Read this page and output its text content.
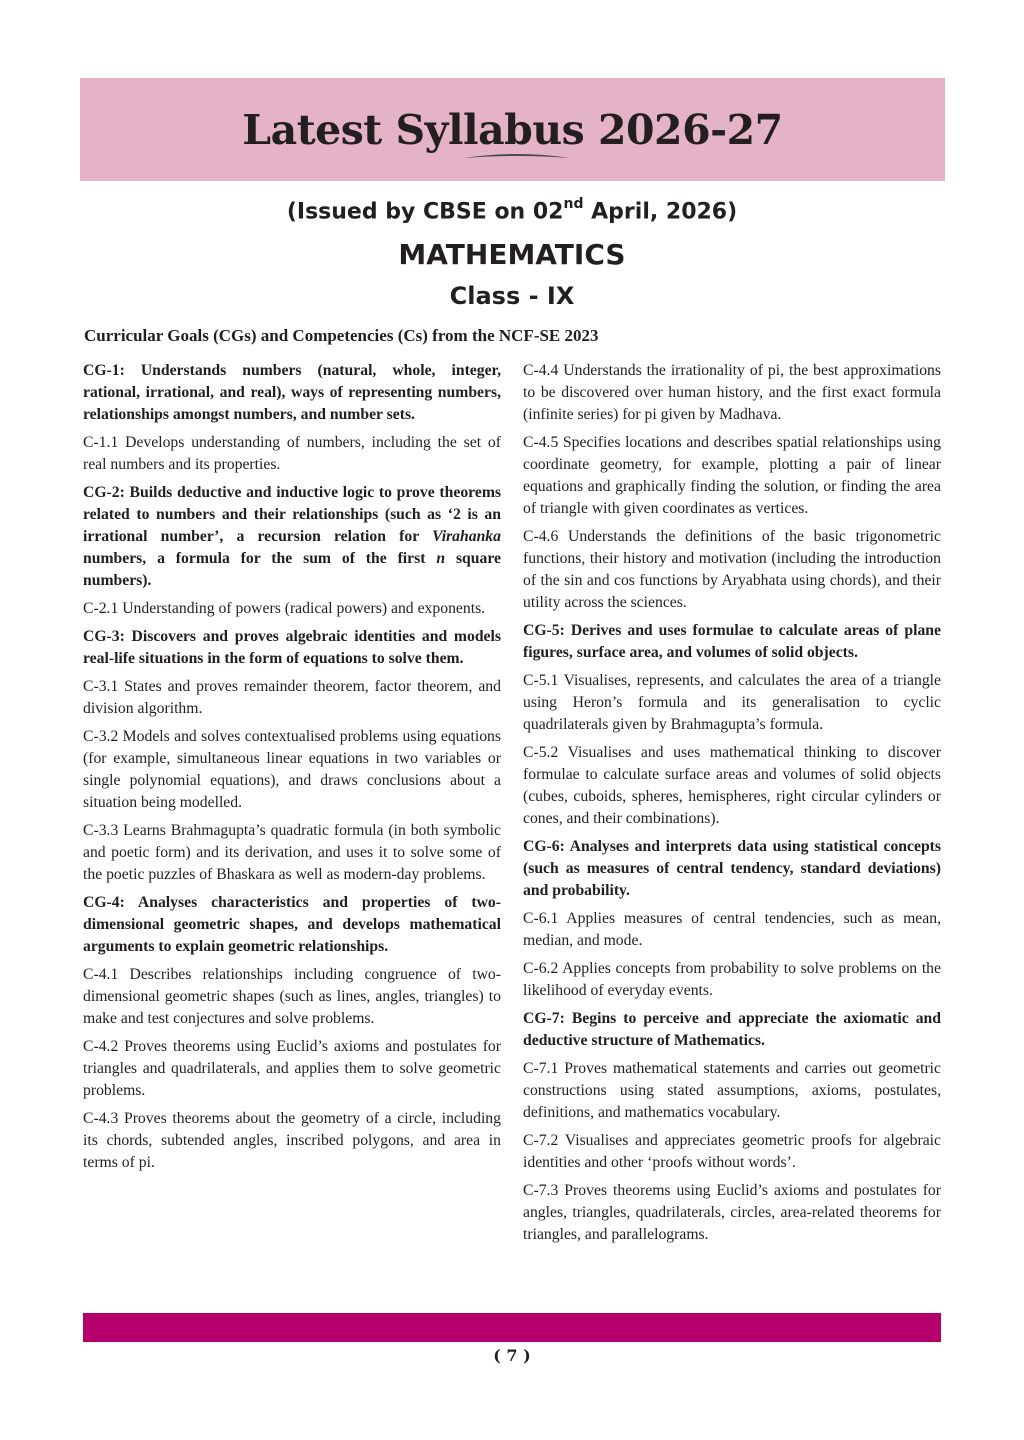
Latest Syllabus 2026-27
(Issued by CBSE on 02nd April, 2026)
MATHEMATICS
Class - IX
Curricular Goals (CGs) and Competencies (Cs) from the NCF-SE 2023

CG-1: Understands numbers (natural, whole, integer, rational, irrational, and real), ways of representing numbers, relationships amongst numbers, and number sets.

C-1.1 Develops understanding of numbers, including the set of real numbers and its properties.

CG-2: Builds deductive and inductive logic to prove theorems related to numbers and their relationships (such as ‘2 is an irrational number’, a recursion relation for Virahanka numbers, a formula for the sum of the first n square numbers).

C-2.1 Understanding of powers (radical powers) and exponents.

CG-3: Discovers and proves algebraic identities and models real-life situations in the form of equations to solve them.

C-3.1 States and proves remainder theorem, factor theorem, and division algorithm.

C-3.2 Models and solves contextualised problems using equations (for example, simultaneous linear equations in two variables or single polynomial equations), and draws conclusions about a situation being modelled.

C-3.3 Learns Brahmagupta’s quadratic formula (in both symbolic and poetic form) and its derivation, and uses it to solve some of the poetic puzzles of Bhaskara as well as modern-day problems.

CG-4: Analyses characteristics and properties of two-dimensional geometric shapes, and develops mathematical arguments to explain geometric relationships.

C-4.1 Describes relationships including congruence of two-dimensional geometric shapes (such as lines, angles, triangles) to make and test conjectures and solve problems.

C-4.2 Proves theorems using Euclid’s axioms and postulates for triangles and quadrilaterals, and applies them to solve geometric problems.

C-4.3 Proves theorems about the geometry of a circle, including its chords, subtended angles, inscribed polygons, and area in terms of pi.

C-4.4 Understands the irrationality of pi, the best approximations to be discovered over human history, and the first exact formula (infinite series) for pi given by Madhava.

C-4.5 Specifies locations and describes spatial relationships using coordinate geometry, for example, plotting a pair of linear equations and graphically finding the solution, or finding the area of triangle with given coordinates as vertices.

C-4.6 Understands the definitions of the basic trigonometric functions, their history and motivation (including the introduction of the sin and cos functions by Aryabhata using chords), and their utility across the sciences.

CG-5: Derives and uses formulae to calculate areas of plane figures, surface area, and volumes of solid objects.

C-5.1 Visualises, represents, and calculates the area of a triangle using Heron’s formula and its generalisation to cyclic quadrilaterals given by Brahmagupta’s formula.

C-5.2 Visualises and uses mathematical thinking to discover formulae to calculate surface areas and volumes of solid objects (cubes, cuboids, spheres, hemispheres, right circular cylinders or cones, and their combinations).

CG-6: Analyses and interprets data using statistical concepts (such as measures of central tendency, standard deviations) and probability.

C-6.1 Applies measures of central tendencies, such as mean, median, and mode.

C-6.2 Applies concepts from probability to solve problems on the likelihood of everyday events.

CG-7: Begins to perceive and appreciate the axiomatic and deductive structure of Mathematics.

C-7.1 Proves mathematical statements and carries out geometric constructions using stated assumptions, axioms, postulates, definitions, and mathematics vocabulary.

C-7.2 Visualises and appreciates geometric proofs for algebraic identities and other ‘proofs without words’.

C-7.3 Proves theorems using Euclid’s axioms and postulates for angles, triangles, quadrilaterals, circles, area-related theorems for triangles, and parallelograms.

( 7 )
